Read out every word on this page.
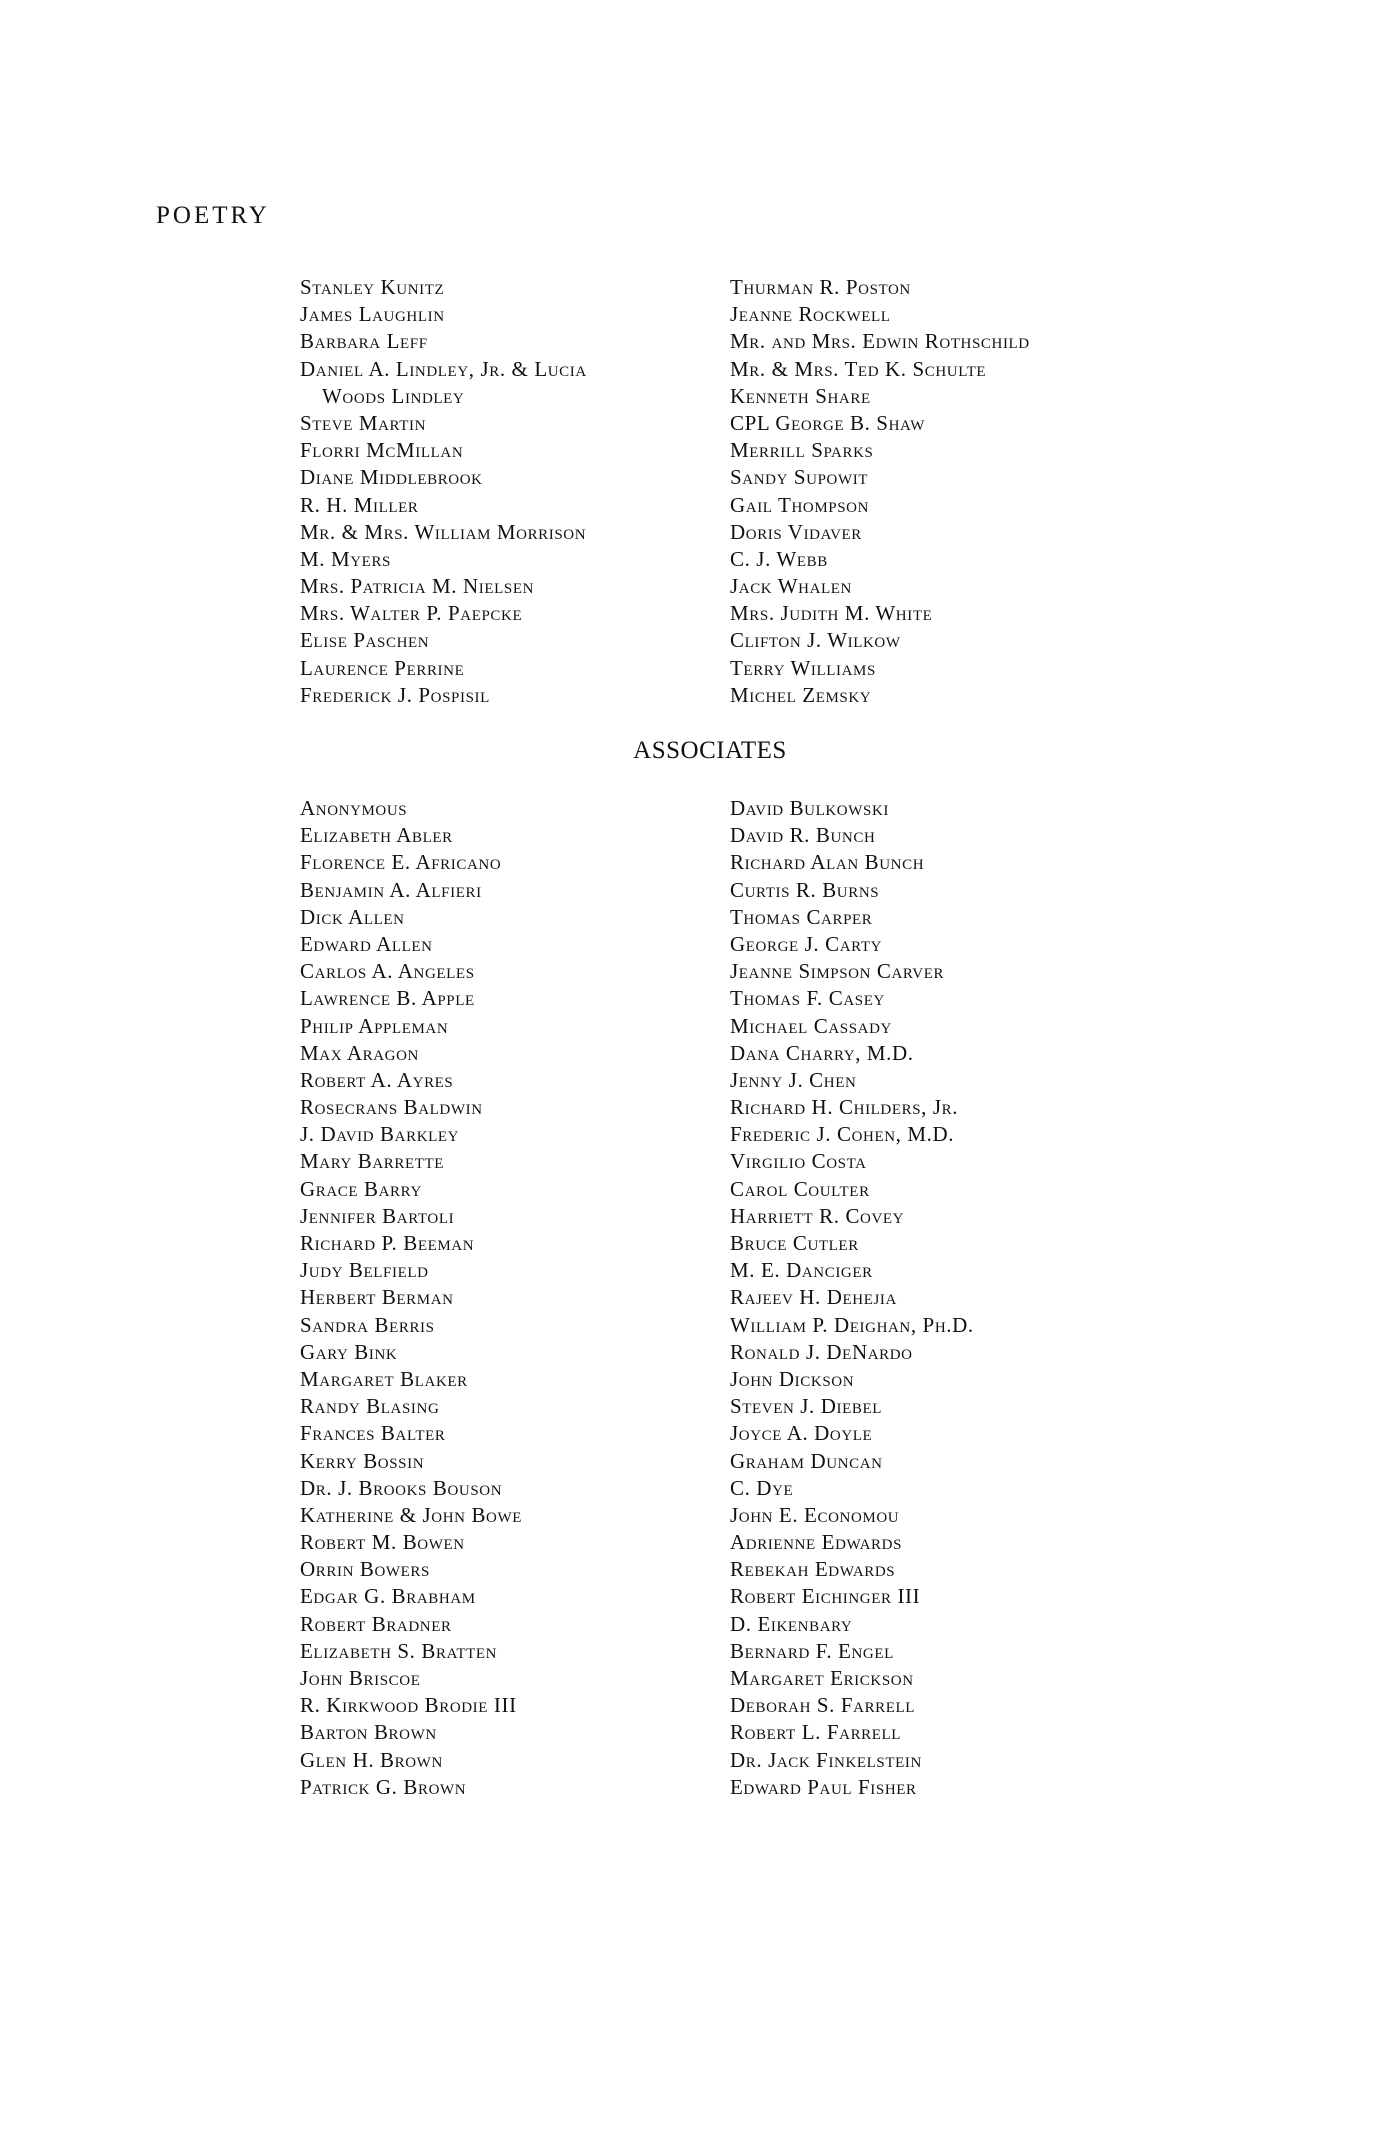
POETRY
Stanley Kunitz
James Laughlin
Barbara Leff
Daniel A. Lindley, Jr. & Lucia
Woods Lindley
Steve Martin
Florri McMillan
Diane Middlebrook
R. H. Miller
Mr. & Mrs. William Morrison
M. Myers
Mrs. Patricia M. Nielsen
Mrs. Walter P. Paepcke
Elise Paschen
Laurence Perrine
Frederick J. Pospisil
Thurman R. Poston
Jeanne Rockwell
Mr. and Mrs. Edwin Rothschild
Mr. & Mrs. Ted K. Schulte
Kenneth Share
CPL George B. Shaw
Merrill Sparks
Sandy Supowit
Gail Thompson
Doris Vidaver
C. J. Webb
Jack Whalen
Mrs. Judith M. White
Clifton J. Wilkow
Terry Williams
Michel Zemsky
ASSOCIATES
Anonymous
Elizabeth Abler
Florence E. Africano
Benjamin A. Alfieri
Dick Allen
Edward Allen
Carlos A. Angeles
Lawrence B. Apple
Philip Appleman
Max Aragon
Robert A. Ayres
Rosecrans Baldwin
J. David Barkley
Mary Barrette
Grace Barry
Jennifer Bartoli
Richard P. Beeman
Judy Belfield
Herbert Berman
Sandra Berris
Gary Bink
Margaret Blaker
Randy Blasing
Frances Balter
Kerry Bossin
Dr. J. Brooks Bouson
Katherine & John Bowe
Robert M. Bowen
Orrin Bowers
Edgar G. Brabham
Robert Bradner
Elizabeth S. Bratten
John Briscoe
R. Kirkwood Brodie III
Barton Brown
Glen H. Brown
Patrick G. Brown
David Bulkowski
David R. Bunch
Richard Alan Bunch
Curtis R. Burns
Thomas Carper
George J. Carty
Jeanne Simpson Carver
Thomas F. Casey
Michael Cassady
Dana Charry, M.D.
Jenny J. Chen
Richard H. Childers, Jr.
Frederic J. Cohen, M.D.
Virgilio Costa
Carol Coulter
Harriett R. Covey
Bruce Cutler
M. E. Danciger
Rajeev H. Dehejia
William P. Deighan, Ph.D.
Ronald J. DeNardo
John Dickson
Steven J. Diebel
Joyce A. Doyle
Graham Duncan
C. Dye
John E. Economou
Adrienne Edwards
Rebekah Edwards
Robert Eichinger III
D. Eikenbary
Bernard F. Engel
Margaret Erickson
Deborah S. Farrell
Robert L. Farrell
Dr. Jack Finkelstein
Edward Paul Fisher
